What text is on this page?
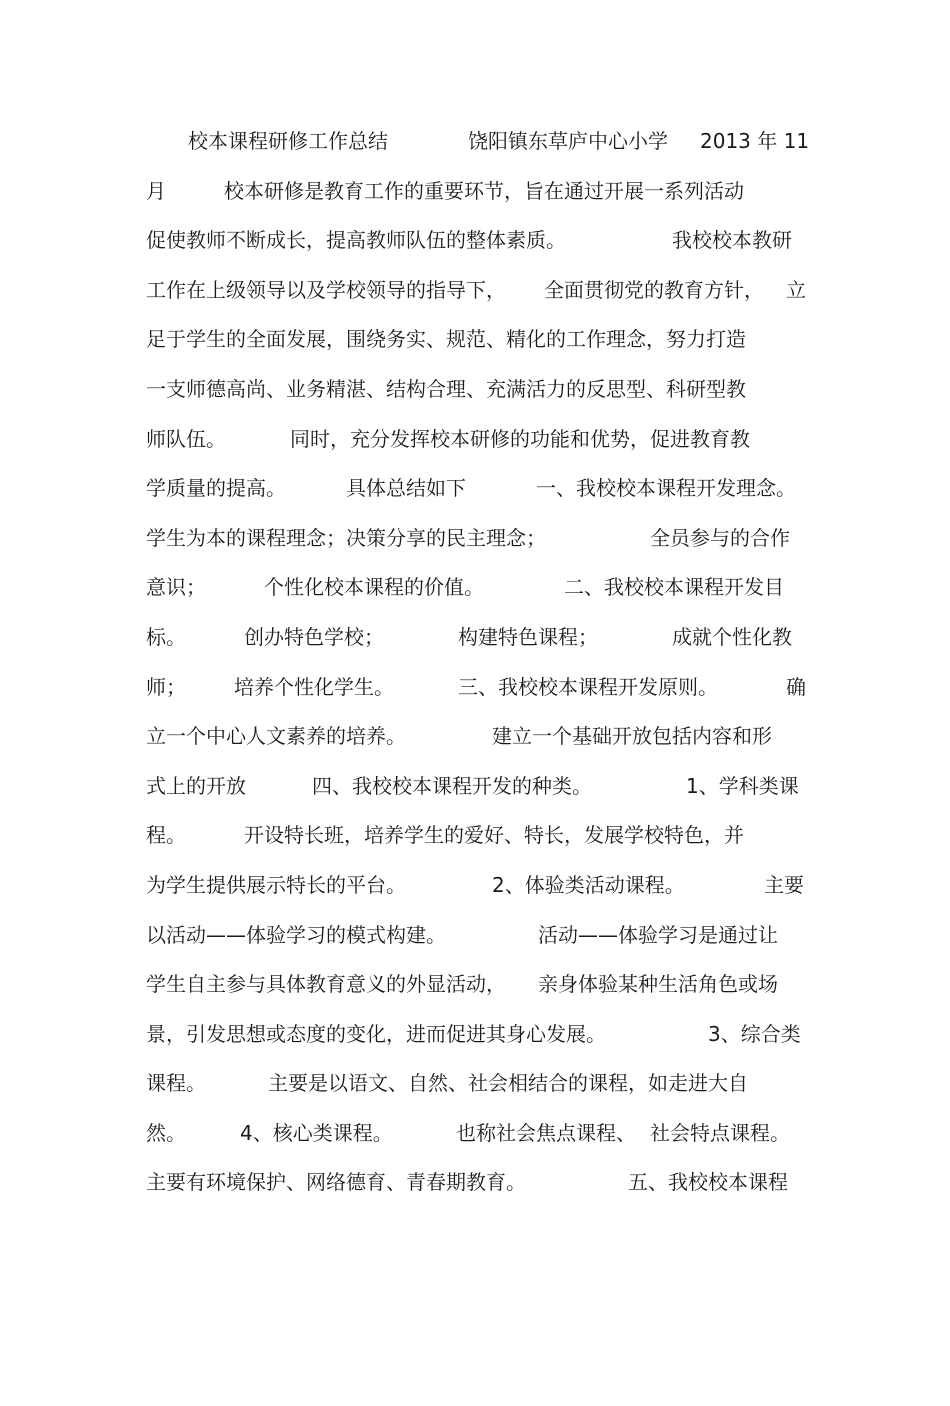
校本课程研修工作总结

	饶阳镇东草庐中心小学

2013 年 11

月

	校本研修是教育工作的重要环节，旨在通过开展一系列活动

促使教师不断成长，提高教师队伍的整体素质。

	我校校本教研

工作在上级领导以及学校领导的指导下，

全面贯彻党的教育方针，

立

足于学生的全面发展，围绕务实、规范、精化的工作理念，努力打造

一支师德高尚、业务精湛、结构合理、充满活力的反思型、科研型教

师队伍。

	同时，充分发挥校本研修的功能和优势，促进教育教

学质量的提高。

	具体总结如下

	一、我校校本课程开发理念。

学生为本的课程理念；决策分享的民主理念；

	全员参与的合作

意识；

	个性化校本课程的价值。

	二、我校校本课程开发目

标。

	创办特色学校；

	构建特色课程；

	成就个性化教

师；

培养个性化学生。

	三、我校校本课程开发原则。

	确

立一个中心人文素养的培养。

	建立一个基础开放包括内容和形

式上的开放

	四、我校校本课程开发的种类。

	1、学科类课

程。

	开设特长班，培养学生的爱好、特长，发展学校特色，并

为学生提供展示特长的平台。

	2、体验类活动课程。

	主要

以活动——体验学习的模式构建。

	活动——体验学习是通过让

学生自主参与具体教育意义的外显活动，

亲身体验某种生活角色或场

景，引发思想或态度的变化，进而促进其身心发展。

	3、综合类

课程。

	主要是以语文、自然、社会相结合的课程，如走进大自

然。

	4、核心类课程。

	也称社会焦点课程、

社会特点课程。

主要有环境保护、网络德育、青春期教育。

	五、我校校本课程
